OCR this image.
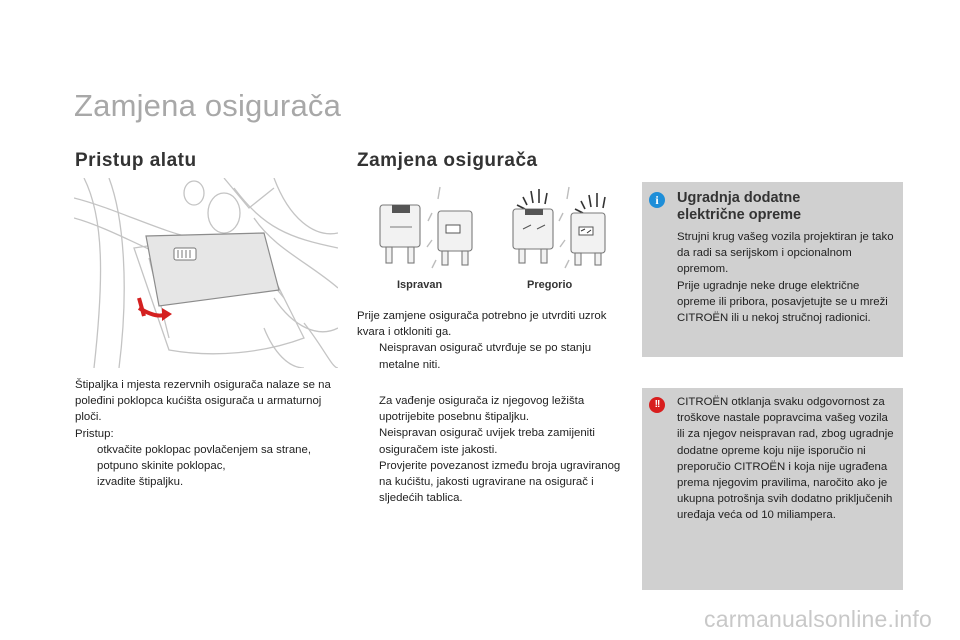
Zamjena osigurača
Pristup alatu

Štipaljka i mjesta rezervnih osigurača nalaze se na poleđini poklopca kućišta osigurača u armaturnoj ploči.

Pristup:

otkvačite poklopac povlačenjem sa strane,
potpuno skinite poklopac,
izvadite štipaljku.
Zamjena osigurača
Ispravan	Pregorio

Prije zamjene osigurača potrebno je utvrditi uzrok kvara i otkloniti ga.

Neispravan osigurač utvrđuje se po stanju metalne niti.
Za vađenje osigurača iz njegovog ležišta upotrijebite posebnu štipaljku.
Neispravan osigurač uvijek treba zamijeniti osiguračem iste jakosti.
Provjerite povezanost između broja ugraviranog na kućištu, jakosti ugravirane na osigurač i sljedećih tablica.
i	Ugradnja dodatne
električne opreme

Strujni krug vašeg vozila projektiran je tako da radi sa serijskom i opcionalnom opremom.

Prije ugradnje neke druge električne opreme ili pribora, posavjetujte se u mreži CITROËN ili u nekoj stručnoj radionici.

!!	CITROËN otklanja svaku odgovornost za troškove nastale popravcima vašeg vozila ili za njegov neispravan rad, zbog ugradnje dodatne opreme koju nije isporučio ni preporučio CITROËN i koja nije ugrađena prema njegovim pravilima, naročito ako je ukupna potrošnja svih dodatno priključenih uređaja veća od 10 miliampera.

carmanualsonline.info
